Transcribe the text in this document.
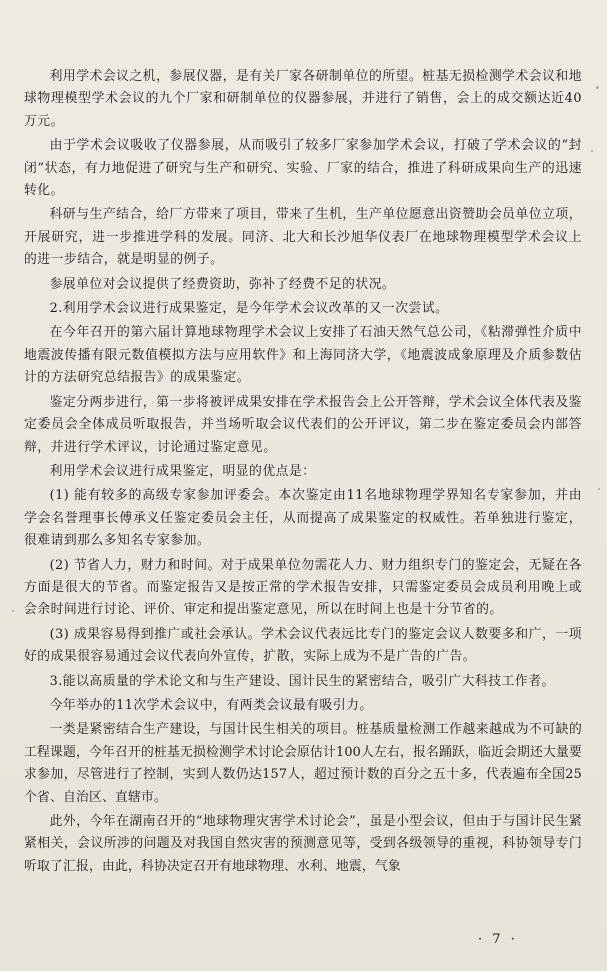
利用学术会议之机，参展仪器，是有关厂家各研制单位的所望。桩基无损检测学术会议和地球物理模型学术会议的九个厂家和研制单位的仪器参展，并进行了销售，会上的成交额达近40万元。

由于学术会议吸收了仪器参展，从而吸引了较多厂家参加学术会议，打破了学术会议的“封闭”状态，有力地促进了研究与生产和研究、实验、厂家的结合，推进了科研成果向生产的迅速转化。

科研与生产结合，给厂方带来了项目，带来了生机，生产单位愿意出资赞助会员单位立项，开展研究，进一步推进学科的发展。同济、北大和长沙旭华仪表厂在地球物理模型学术会议上的进一步结合，就是明显的例子。

参展单位对会议提供了经费资助，弥补了经费不足的状况。

2.利用学术会议进行成果鉴定，是今年学术会议改革的又一次尝试。

在今年召开的第六届计算地球物理学术会议上安排了石油天然气总公司，《粘滞弹性介质中地震波传播有限元数值模拟方法与应用软件》和上海同济大学，《地震波成象原理及介质参数估计的方法研究总结报告》的成果鉴定。

鉴定分两步进行，第一步将被评成果安排在学术报告会上公开答辩，学术会议全体代表及鉴定委员会全体成员听取报告，并当场听取会议代表们的公开评议，第二步在鉴定委员会内部答辩，并进行学术评议，讨论通过鉴定意见。

利用学术会议进行成果鉴定，明显的优点是：

(1) 能有较多的高级专家参加评委会。本次鉴定由11名地球物理学界知名专家参加，并由学会名誉理事长傅承义任鉴定委员会主任，从而提高了成果鉴定的权威性。若单独进行鉴定，很难请到那么多知名专家参加。

(2) 节省人力，财力和时间。对于成果单位勿需花人力、财力组织专门的鉴定会，无疑在各方面是很大的节省。而鉴定报告又是按正常的学术报告安排，只需鉴定委员会成员利用晚上或会余时间进行讨论、评价、审定和提出鉴定意见，所以在时间上也是十分节省的。

(3) 成果容易得到推广或社会承认。学术会议代表远比专门的鉴定会议人数要多和广，一项好的成果很容易通过会议代表向外宣传，扩散，实际上成为不是广告的广告。

3.能以高质量的学术论文和与生产建设、国计民生的紧密结合，吸引广大科技工作者。

今年举办的11次学术会议中，有两类会议最有吸引力。

一类是紧密结合生产建设，与国计民生相关的项目。桩基质量检测工作越来越成为不可缺的工程课题，今年召开的桩基无损检测学术讨论会原估计100人左右，报名踊跃，临近会期还大量要求参加，尽管进行了控制，实到人数仍达157人，超过预计数的百分之五十多，代表遍布全国25个省、自治区、直辖市。

此外，今年在湖南召开的“地球物理灾害学术讨论会”，虽是小型会议，但由于与国计民生紧紧相关，会议所涉的问题及对我国自然灾害的预测意见等，受到各级领导的重视，科协领导专门听取了汇报，由此，科协决定召开有地球物理、水利、地震，气象

· 7 ·
